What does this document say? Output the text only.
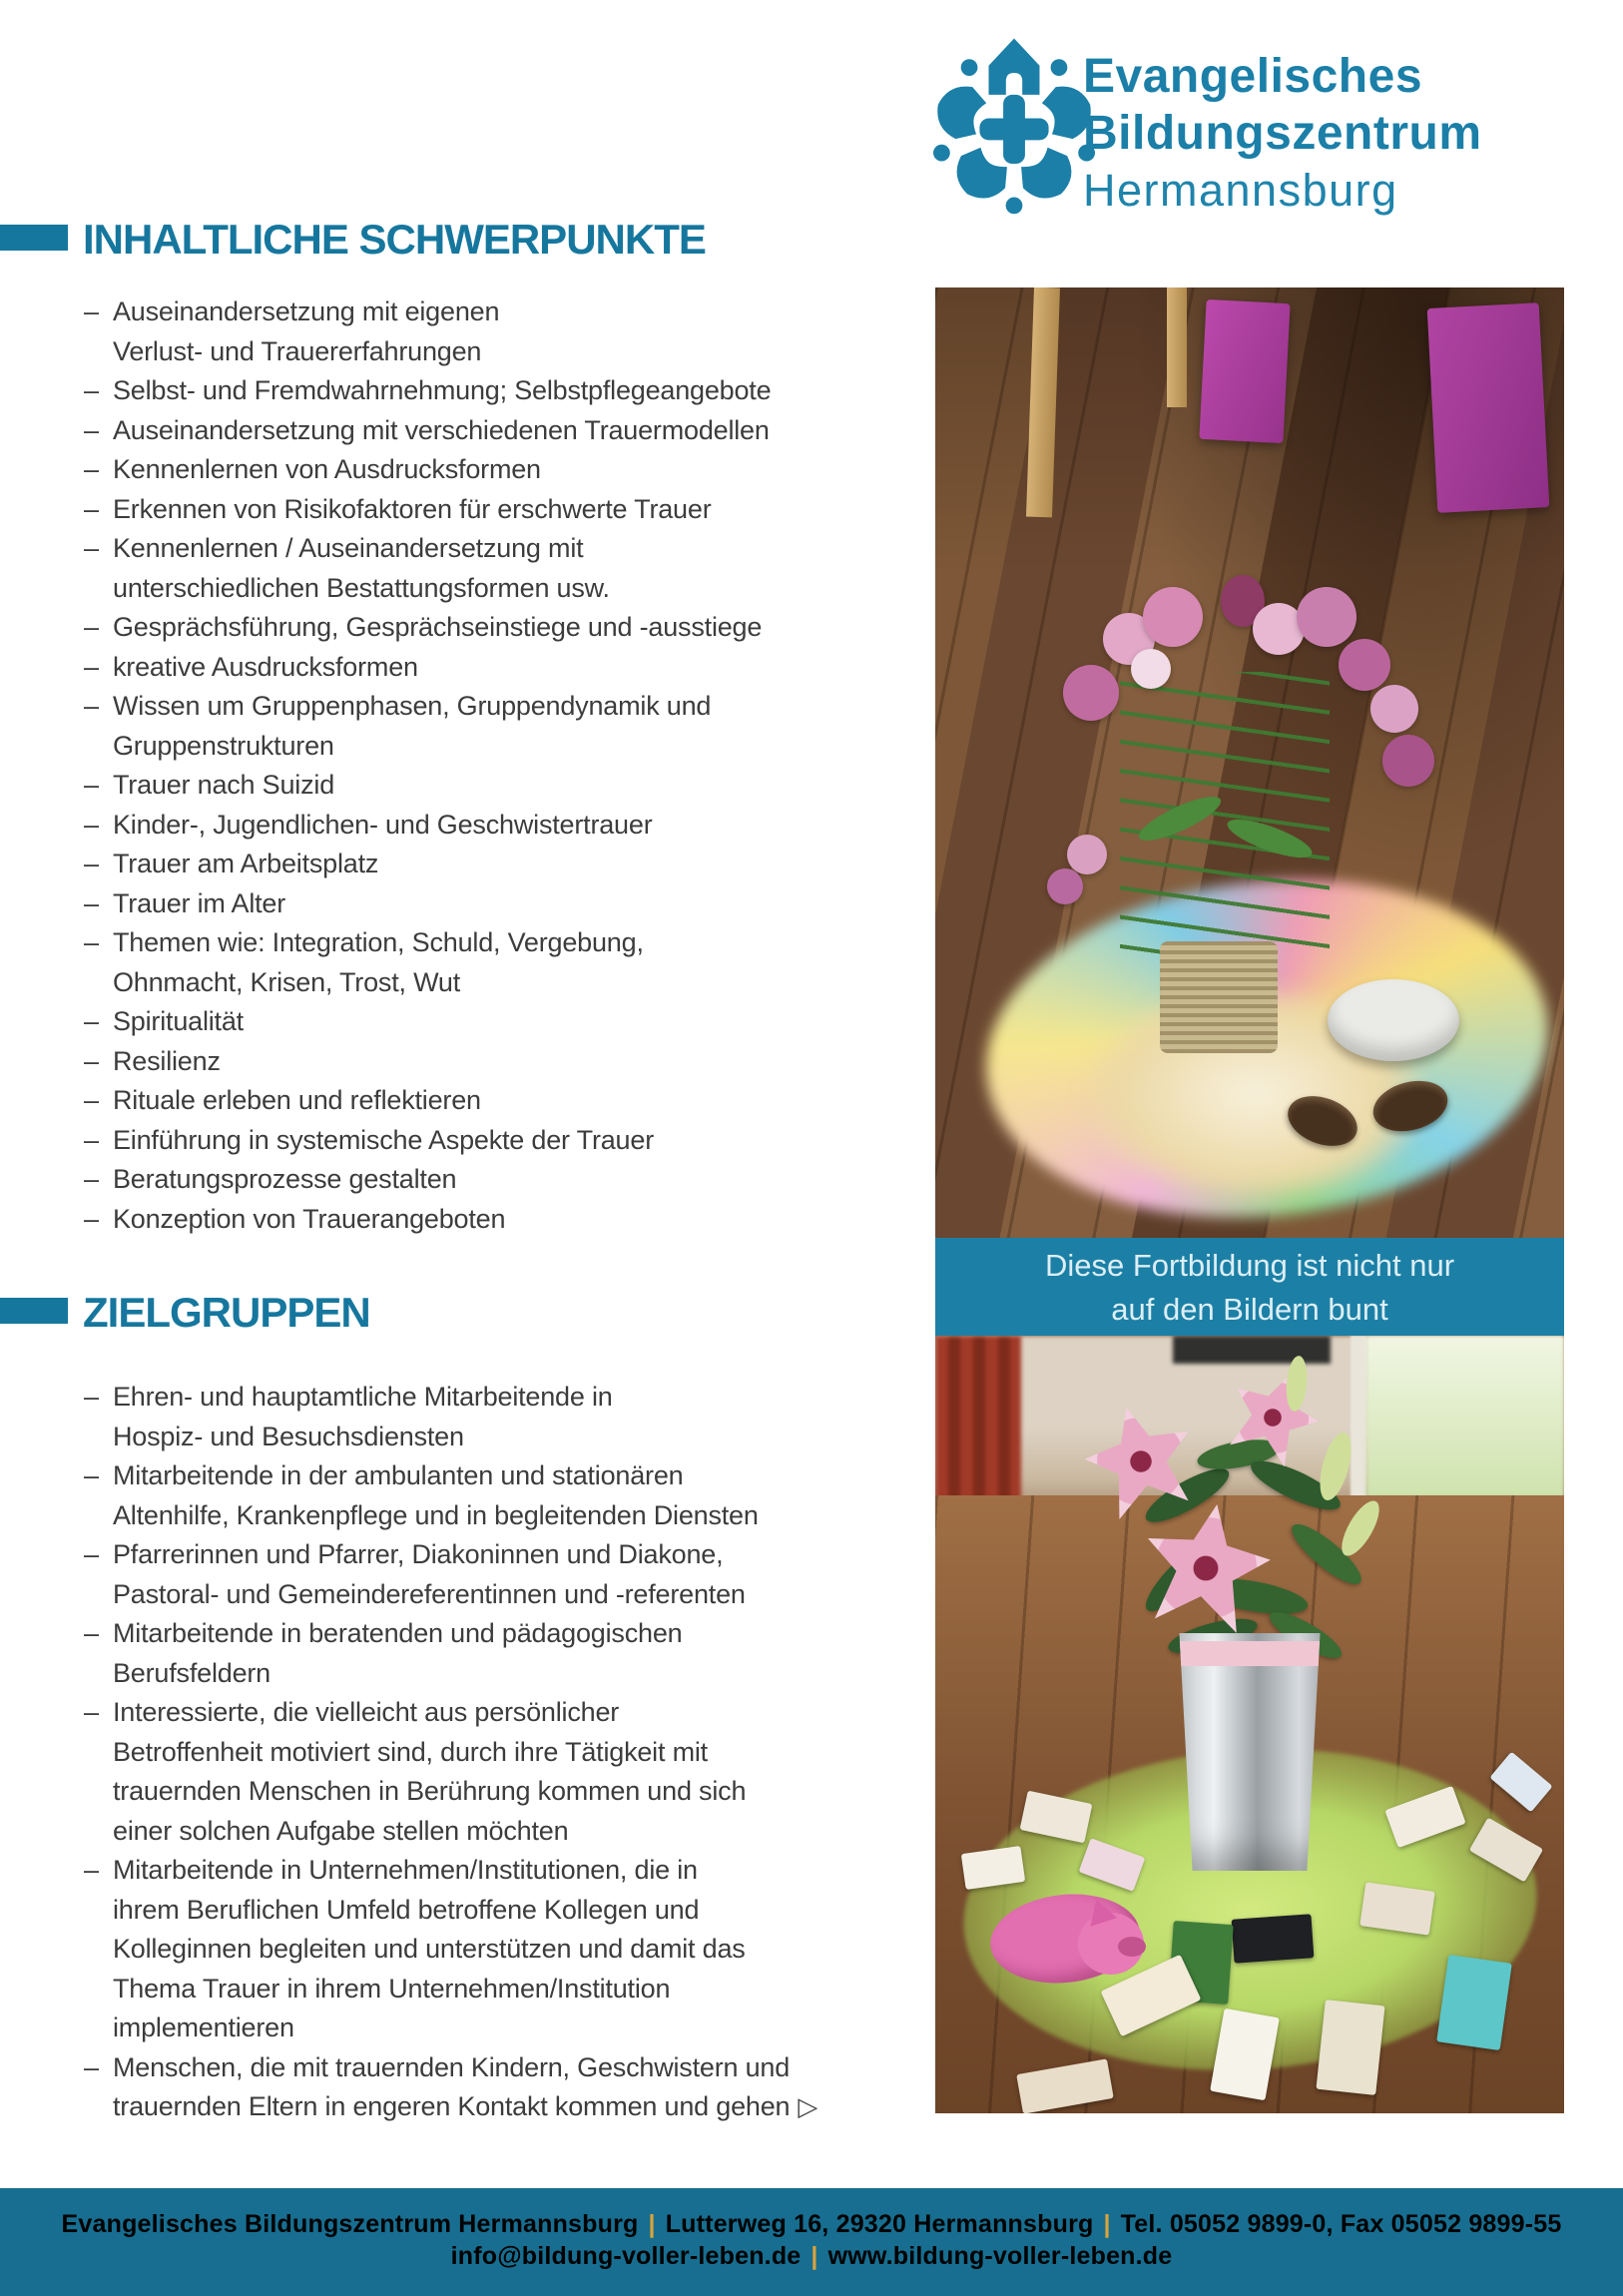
Evangelisches
Bildungszentrum
Hermannsburg
INHALTLICHE SCHWERPUNKTE
– Auseinandersetzung mit eigenen
Verlust- und Trauererfahrungen
– Selbst- und Fremdwahrnehmung; Selbstpflegeangebote
– Auseinandersetzung mit verschiedenen Trauermodellen
– Kennenlernen von Ausdrucksformen
– Erkennen von Risikofaktoren für erschwerte Trauer
– Kennenlernen / Auseinandersetzung mit
unterschiedlichen Bestattungsformen usw.
– Gesprächsführung, Gesprächseinstiege und -ausstiege
– kreative Ausdrucksformen
– Wissen um Gruppenphasen, Gruppendynamik und
Gruppenstrukturen
– Trauer nach Suizid
– Kinder-, Jugendlichen- und Geschwistertrauer
– Trauer am Arbeitsplatz
– Trauer im Alter
– Themen wie: Integration, Schuld, Vergebung,
Ohnmacht, Krisen, Trost, Wut
– Spiritualität
– Resilienz
– Rituale erleben und reflektieren
– Einführung in systemische Aspekte der Trauer
– Beratungsprozesse gestalten
– Konzeption von Trauerangeboten
ZIELGRUPPEN
– Ehren- und hauptamtliche Mitarbeitende in
Hospiz- und Besuchsdiensten
– Mitarbeitende in der ambulanten und stationären
Altenhilfe, Krankenpflege und in begleitenden Diensten
– Pfarrerinnen und Pfarrer, Diakoninnen und Diakone,
Pastoral- und Gemeindereferentinnen und -referenten
– Mitarbeitende in beratenden und pädagogischen
Berufsfeldern
– Interessierte, die vielleicht aus persönlicher
Betroffenheit motiviert sind, durch ihre Tätigkeit mit
trauernden Menschen in Berührung kommen und sich
einer solchen Aufgabe stellen möchten
– Mitarbeitende in Unternehmen/Institutionen, die in
ihrem Beruflichen Umfeld betroffene Kollegen und
Kolleginnen begleiten und unterstützen und damit das
Thema Trauer in ihrem Unternehmen/Institution
implementieren
– Menschen, die mit trauernden Kindern, Geschwistern und
trauernden Eltern in engeren Kontakt kommen und gehen ▷
Diese Fortbildung ist nicht nur
auf den Bildern bunt
Evangelisches Bildungszentrum Hermannsburg | Lutterweg 16, 29320 Hermannsburg | Tel. 05052 9899-0, Fax 05052 9899-55
info@bildung-voller-leben.de | www.bildung-voller-leben.de
